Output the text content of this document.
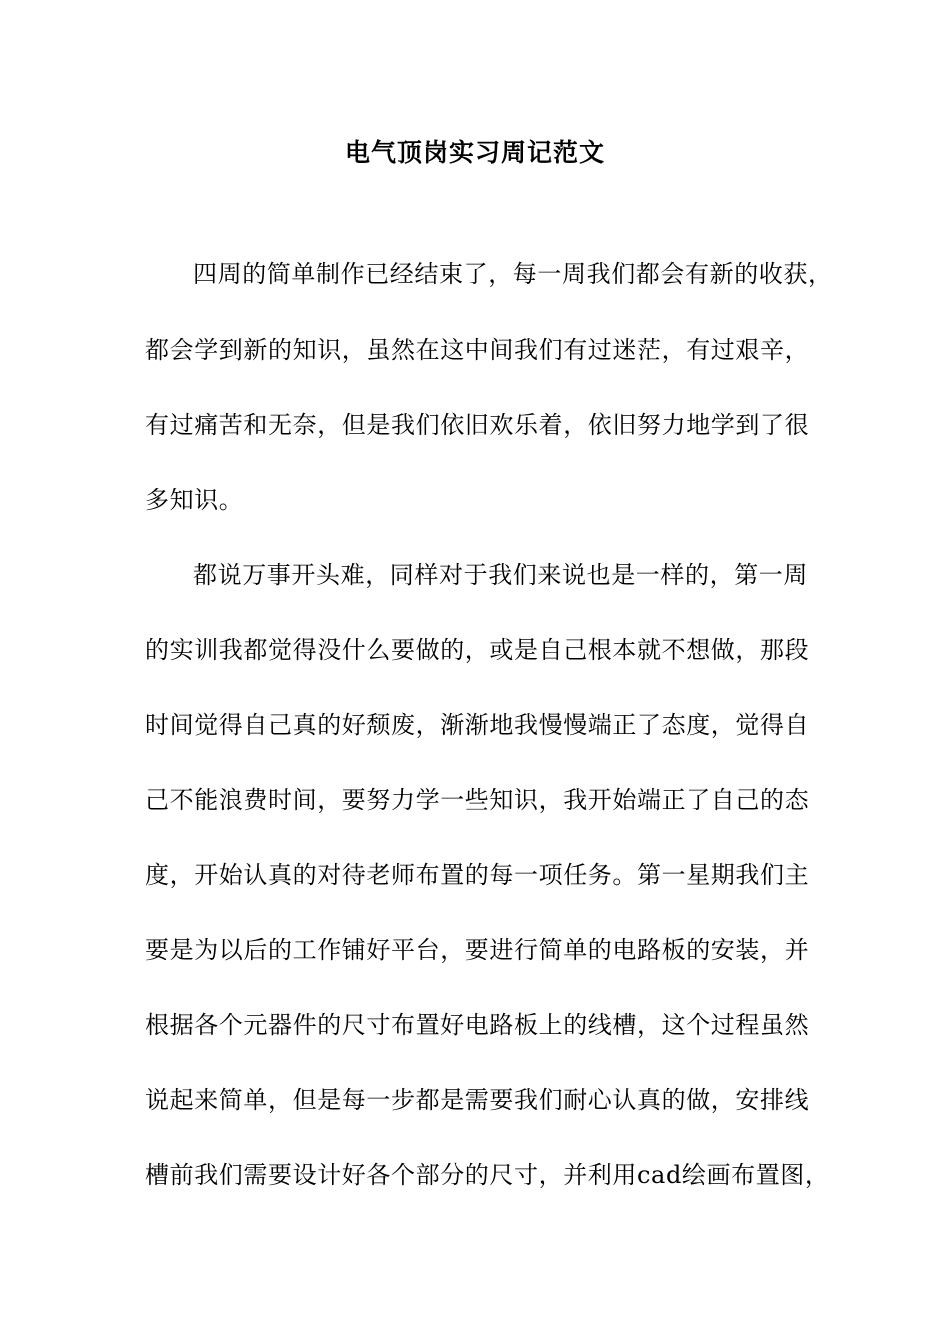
电气顶岗实习周记范文
四周的简单制作已经结束了，每一周我们都会有新的收获，
都会学到新的知识，虽然在这中间我们有过迷茫，有过艰辛，
有过痛苦和无奈，但是我们依旧欢乐着，依旧努力地学到了很
多知识。
都说万事开头难，同样对于我们来说也是一样的，第一周
的实训我都觉得没什么要做的，或是自己根本就不想做，那段
时间觉得自己真的好颓废，渐渐地我慢慢端正了态度，觉得自
己不能浪费时间，要努力学一些知识，我开始端正了自己的态
度，开始认真的对待老师布置的每一项任务。第一星期我们主
要是为以后的工作铺好平台，要进行简单的电路板的安装，并
根据各个元器件的尺寸布置好电路板上的线槽，这个过程虽然
说起来简单，但是每一步都是需要我们耐心认真的做，安排线
槽前我们需要设计好各个部分的尺寸，并利用cad绘画布置图，
